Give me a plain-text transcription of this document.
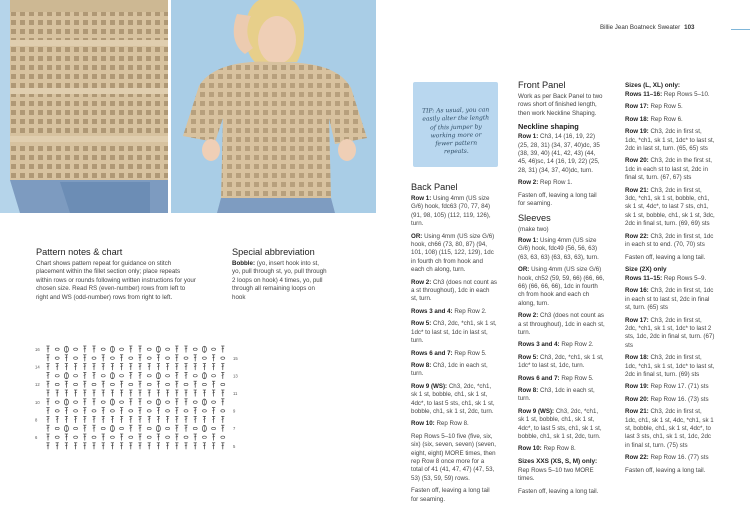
Billie Jean Boatneck Sweater 103
Pattern notes & chart
Chart shows pattern repeat for guidance on stitch placement within the fillet section only; place repeats within rows or rounds following written instructions for your chosen size. Read RS (even-number) rows from left to right and WS (odd-number) rows from right to left.
Special abbreviation
Bobble: (yo, insert hook into st, yo, pull through st, yo, pull through 2 loops on hook) 4 times, yo, pull through all remaining loops on hook
TIP: As usual, you can easily alter the length of this jumper by working more or fewer pattern repeats.
Back Panel

Row 1: Using 4mm (US size G/6) hook, fdc63 (70, 77, 84) (91, 98, 105) (112, 119, 126), turn.

OR: Using 4mm (US size G/6) hook, ch66 (73, 80, 87) (94, 101, 108) (115, 122, 129), 1dc in fourth ch from hook and each ch along, turn.

Row 2: Ch3 (does not count as a st throughout), 1dc in each st, turn.

Rows 3 and 4: Rep Row 2.

Row 5: Ch3, 2dc, *ch1, sk 1 st, 1dc* to last st, 1dc in last st, turn.

Rows 6 and 7: Rep Row 5.

Row 8: Ch3, 1dc in each st, turn.

Row 9 (WS): Ch3, 2dc, *ch1, sk 1 st, bobble, ch1, sk 1 st, 4dc*, to last 5 sts, ch1, sk 1 st, bobble, ch1, sk 1 st, 2dc, turn.

Row 10: Rep Row 8.

Rep Rows 5–10 five (five, six, six) (six, seven, seven) (seven, eight, eight) MORE times, then rep Row 8 once more for a total of 41 (41, 47, 47) (47, 53, 53) (53, 59, 59) rows.

Fasten off, leaving a long tail for seaming.

Front Panel

Work as per Back Panel to two rows short of finished length, then work Neckline Shaping.

Neckline shaping

Row 1: Ch3, 14 (16, 19, 22) (25, 28, 31) (34, 37, 40)dc, 35 (38, 39, 40) (41, 42, 43) (44, 45, 46)sc, 14 (16, 19, 22) (25, 28, 31) (34, 37, 40)dc, turn.

Row 2: Rep Row 1.

Fasten off, leaving a long tail for seaming.

Sleeves

(make two)

Row 1: Using 4mm (US size G/6) hook, fdc49 (56, 56, 63) (63, 63, 63) (63, 63, 63), turn.

OR: Using 4mm (US size G/6) hook, ch52 (59, 59, 66) (66, 66, 66) (66, 66, 66), 1dc in fourth ch from hook and each ch along, turn.

Row 2: Ch3 (does not count as a st throughout), 1dc in each st, turn.

Rows 3 and 4: Rep Row 2.

Row 5: Ch3, 2dc, *ch1, sk 1 st, 1dc* to last st, 1dc, turn.

Rows 6 and 7: Rep Row 5.

Row 8: Ch3, 1dc in each st, turn.

Row 9 (WS): Ch3, 2dc, *ch1, sk 1 st, bobble, ch1, sk 1 st, 4dc*, to last 5 sts, ch1, sk 1 st, bobble, ch1, sk 1 st, 2dc, turn.

Row 10: Rep Row 8.

Sizes XXS (XS, S, M) only:

Rep Rows 5–10 two MORE times.

Fasten off, leaving a long tail.

Sizes (L, XL) only:

Rows 11–16: Rep Rows 5–10.

Row 17: Rep Row 5.

Row 18: Rep Row 6.

Row 19: Ch3, 2dc in first st, 1dc, *ch1, sk 1 st, 1dc* to last st, 2dc in last st, turn. (65, 65) sts

Row 20: Ch3, 2dc in the first st, 1dc in each st to last st, 2dc in final st, turn. (67, 67) sts

Row 21: Ch3, 2dc in first st, 3dc, *ch1, sk 1 st, bobble, ch1, sk 1 st, 4dc*, to last 7 sts, ch1, sk 1 st, bobble, ch1, sk 1 st, 3dc, 2dc in final st, turn. (69, 69) sts

Row 22: Ch3, 2dc in first st, 1dc in each st to end. (70, 70) sts

Fasten off, leaving a long tail.

Size (2X) only

Rows 11–15: Rep Rows 5–9.

Row 16: Ch3, 2dc in first st, 1dc in each st to last st, 2dc in final st, turn. (65) sts

Row 17: Ch3, 2dc in first st, 2dc, *ch1, sk 1 st, 1dc* to last 2 sts, 1dc, 2dc in final st, turn. (67) sts

Row 18: Ch3, 2dc in first st, 1dc, *ch1, sk 1 st, 1dc* to last st, 2dc in final st, turn. (69) sts

Row 19: Rep Row 17. (71) sts

Row 20: Rep Row 16. (73) sts

Row 21: Ch3, 2dc in first st, 1dc, ch1, sk 1 st, 4dc, *ch1, sk 1 st, bobble, ch1, sk 1 st, 4dc*, to last 3 sts, ch1, sk 1 st, 1dc, 2dc in final st, turn. (75) sts

Row 22: Rep Row 16. (77) sts

Fasten off, leaving a long tail.

16
15
14
13
12
11
10
9
8
7
6
5
